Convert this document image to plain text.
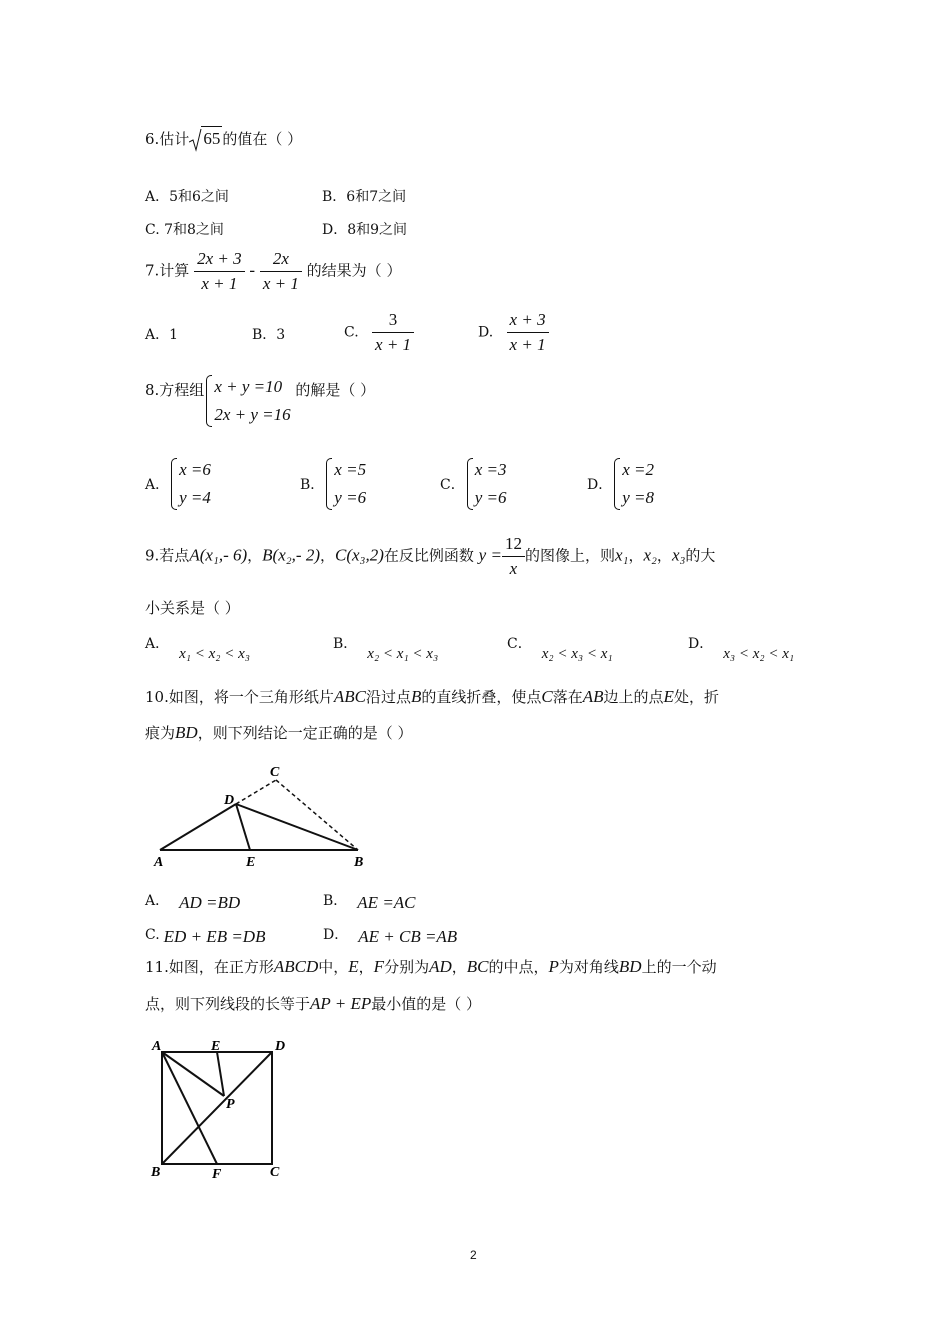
6.估计 65 的值在（ ）
A．5和6之间	B．6和7之间
C. 7和8之间	D．8和9之间
7.计算 $\frac{2x + 3}{x + 1} - \frac{2x}{x + 1}$ 的结果为（ ）
A．1	B．3	C. $\frac{3}{x + 1}$	D. $\frac{x + 3}{x + 1}$
8.方程组 x + y =10
2x + y =16
的解是（ ）
A．
x =6
y =4
B．
x =5
y =6
C．
x =3
y =6
D．
x =2
y =8
9.若点A(x₁,- 6)，B(x₂,- 2)，C(x₃,2)在反比例函数 $y = \frac{12}{x}$ 的图像上，则x₁，x₂，x₃的大
小关系是（ ）
A．x₁ < x₂ < x₃
B．x₂ < x₁ < x₃
C．x₂ < x₃ < x₁
D．x₃ < x₂ < x₁
10.如图，将一个三角形纸片ABC沿过点B的直线折叠，使点C落在AB边上的点E处，折
痕为BD，则下列结论一定正确的是（ ）
A	E	B
D
C
A． AD =BD	B． AE =AC
C. ED + EB =DB	D． AE + CB =AB
11.如图，在正方形ABCD中，E，F分别为AD，BC的中点，P为对角线BD上的一个动
点，则下列线段的长等于AP + EP最小值的是（ ）
A	E	D
P
B	F	C
2
